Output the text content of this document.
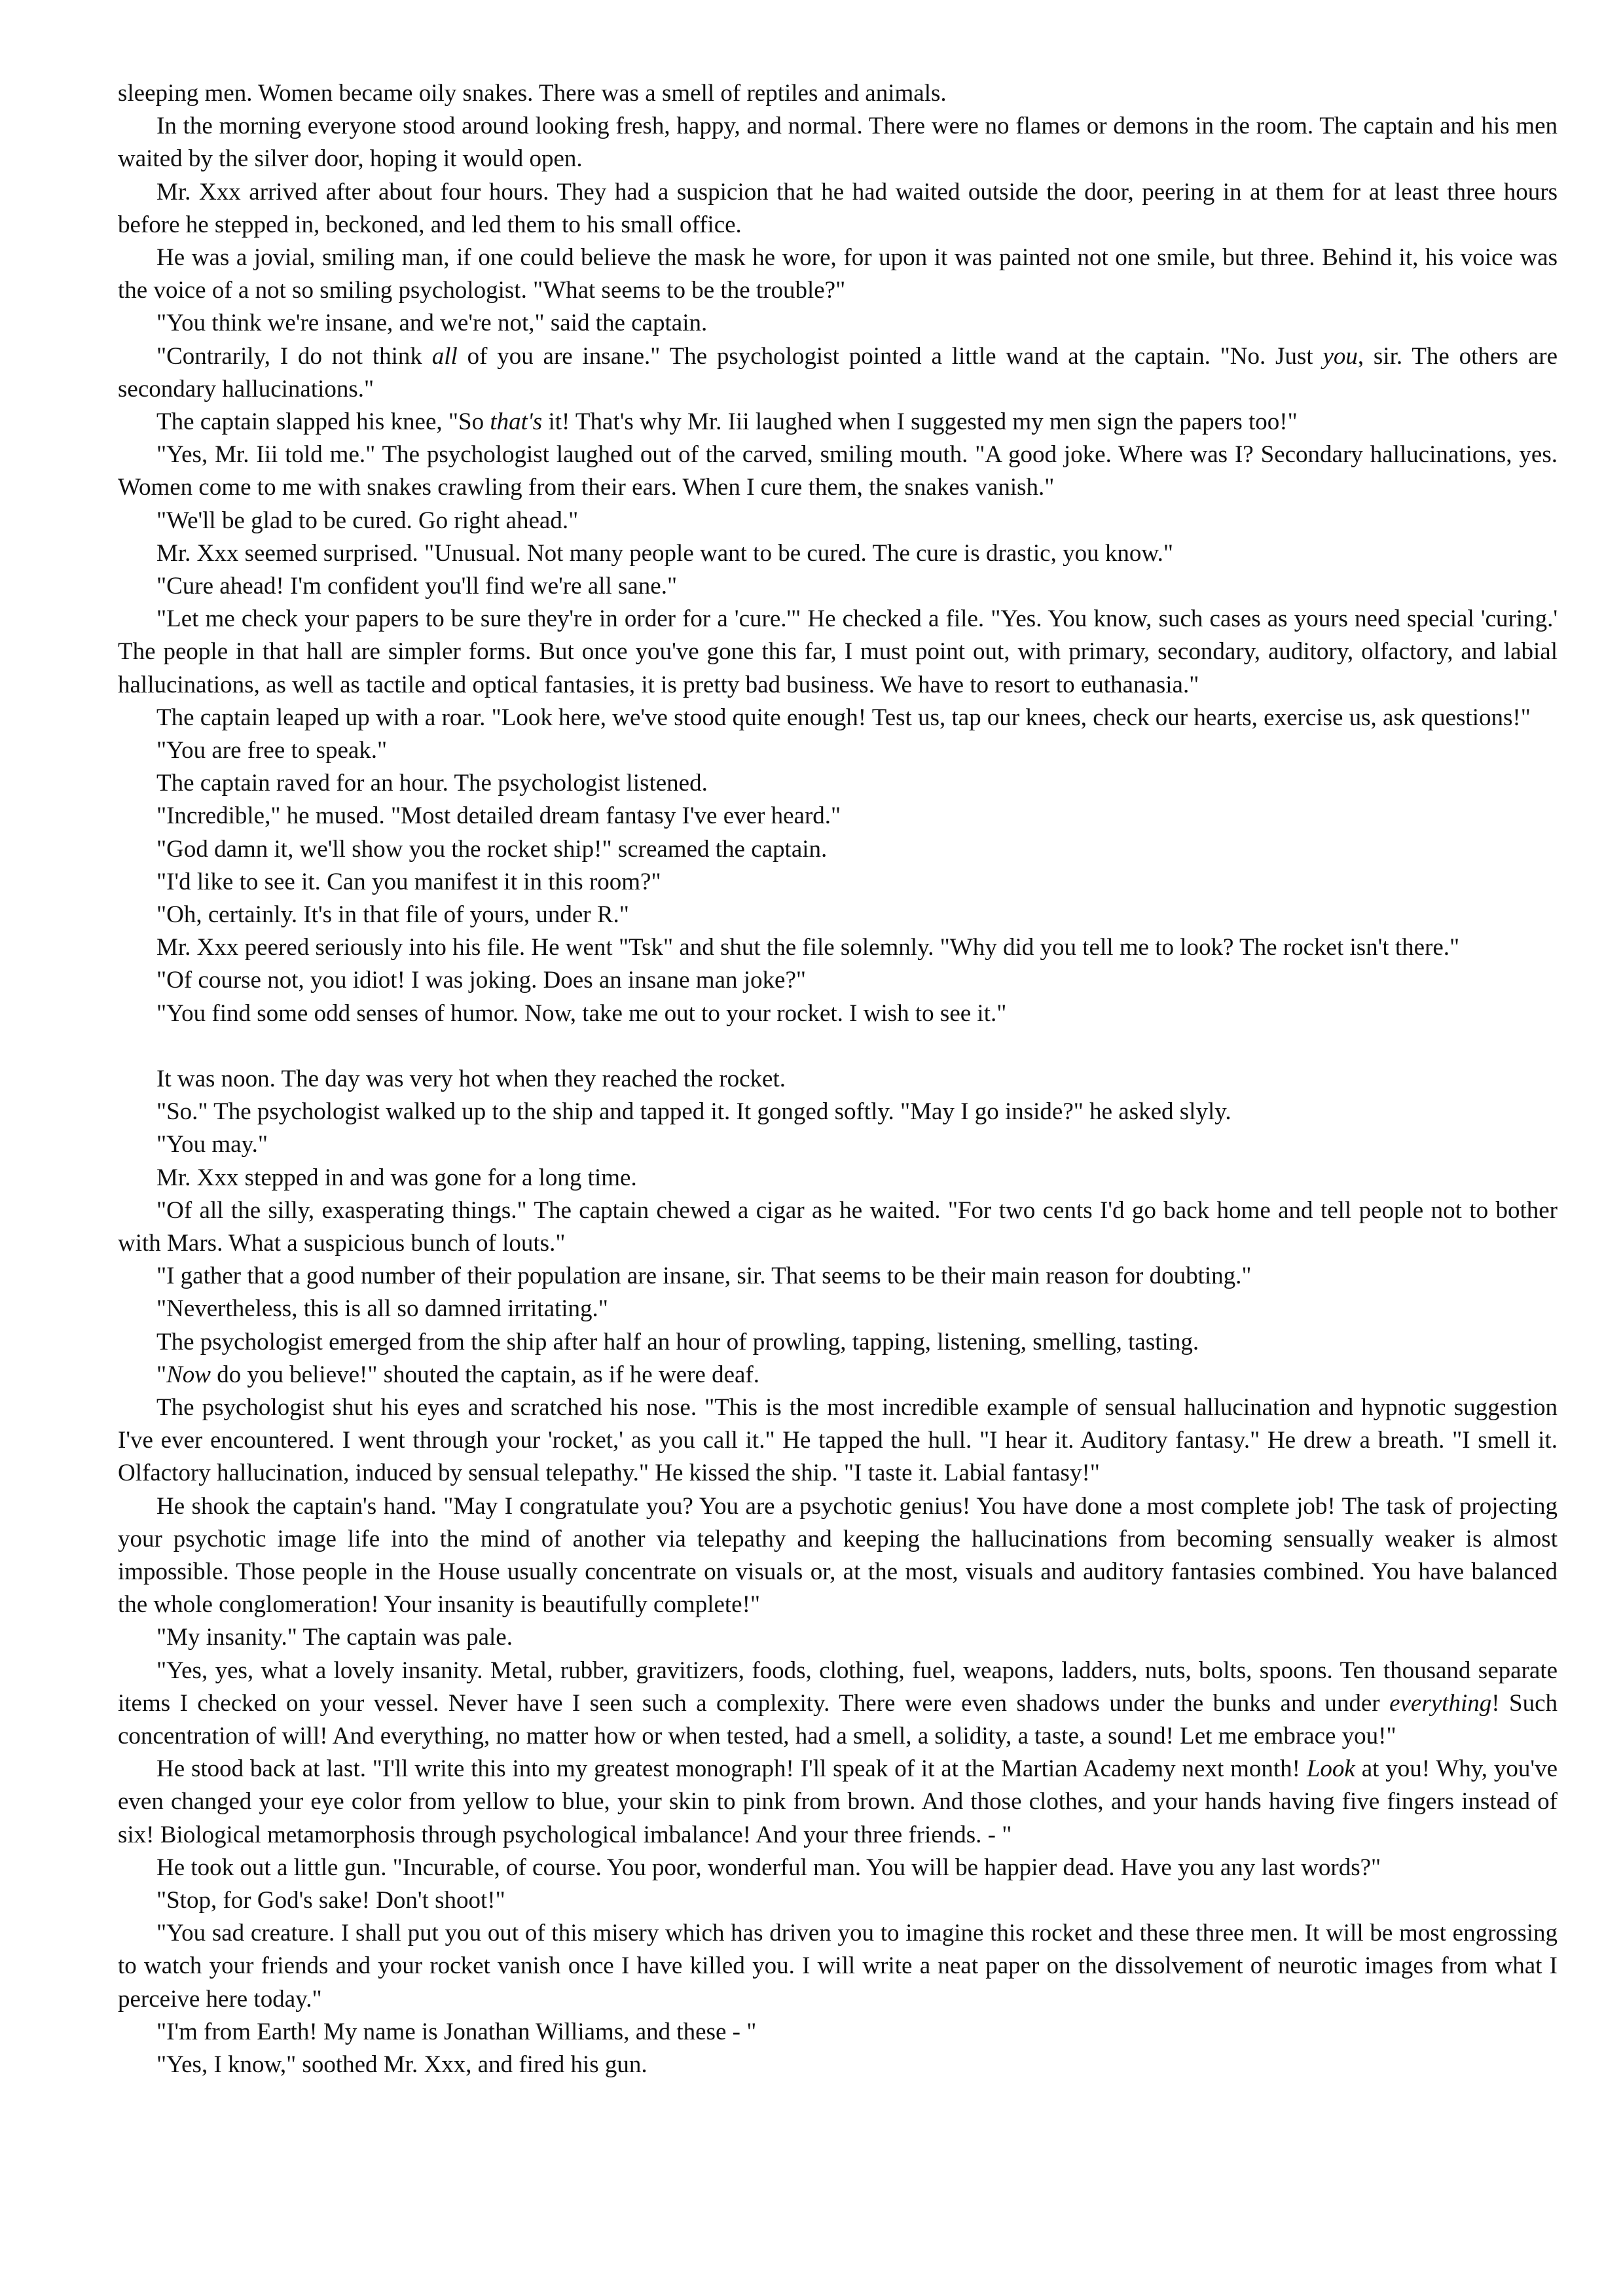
sleeping men. Women became oily snakes. There was a smell of reptiles and animals.

In the morning everyone stood around looking fresh, happy, and normal. There were no flames or demons in the room. The captain and his men waited by the silver door, hoping it would open.

Mr. Xxx arrived after about four hours. They had a suspicion that he had waited outside the door, peering in at them for at least three hours before he stepped in, beckoned, and led them to his small office.

He was a jovial, smiling man, if one could believe the mask he wore, for upon it was painted not one smile, but three. Behind it, his voice was the voice of a not so smiling psychologist. "What seems to be the trouble?"

"You think we're insane, and we're not," said the captain.

"Contrarily, I do not think all of you are insane." The psychologist pointed a little wand at the captain. "No. Just you, sir. The others are secondary hallucinations."

The captain slapped his knee, "So that's it! That's why Mr. Iii laughed when I suggested my men sign the papers too!"

"Yes, Mr. Iii told me." The psychologist laughed out of the carved, smiling mouth. "A good joke. Where was I? Secondary hallucinations, yes. Women come to me with snakes crawling from their ears. When I cure them, the snakes vanish."

"We'll be glad to be cured. Go right ahead."

Mr. Xxx seemed surprised. "Unusual. Not many people want to be cured. The cure is drastic, you know."

"Cure ahead! I'm confident you'll find we're all sane."

"Let me check your papers to be sure they're in order for a 'cure.'" He checked a file. "Yes. You know, such cases as yours need special 'curing.' The people in that hall are simpler forms. But once you've gone this far, I must point out, with primary, secondary, auditory, olfactory, and labial hallucinations, as well as tactile and optical fantasies, it is pretty bad business. We have to resort to euthanasia."

The captain leaped up with a roar. "Look here, we've stood quite enough! Test us, tap our knees, check our hearts, exercise us, ask questions!"

"You are free to speak."

The captain raved for an hour. The psychologist listened.

"Incredible," he mused. "Most detailed dream fantasy I've ever heard."

"God damn it, we'll show you the rocket ship!" screamed the captain.

"I'd like to see it. Can you manifest it in this room?"

"Oh, certainly. It's in that file of yours, under R."

Mr. Xxx peered seriously into his file. He went "Tsk" and shut the file solemnly. "Why did you tell me to look? The rocket isn't there."

"Of course not, you idiot! I was joking. Does an insane man joke?"

"You find some odd senses of humor. Now, take me out to your rocket. I wish to see it."

It was noon. The day was very hot when they reached the rocket.

"So." The psychologist walked up to the ship and tapped it. It gonged softly. "May I go inside?" he asked slyly.

"You may."

Mr. Xxx stepped in and was gone for a long time.

"Of all the silly, exasperating things." The captain chewed a cigar as he waited. "For two cents I'd go back home and tell people not to bother with Mars. What a suspicious bunch of louts."

"I gather that a good number of their population are insane, sir. That seems to be their main reason for doubting."

"Nevertheless, this is all so damned irritating."

The psychologist emerged from the ship after half an hour of prowling, tapping, listening, smelling, tasting.

"Now do you believe!" shouted the captain, as if he were deaf.

The psychologist shut his eyes and scratched his nose. "This is the most incredible example of sensual hallucination and hypnotic suggestion I've ever encountered. I went through your 'rocket,' as you call it." He tapped the hull. "I hear it. Auditory fantasy." He drew a breath. "I smell it. Olfactory hallucination, induced by sensual telepathy." He kissed the ship. "I taste it. Labial fantasy!"

He shook the captain's hand. "May I congratulate you? You are a psychotic genius! You have done a most complete job! The task of projecting your psychotic image life into the mind of another via telepathy and keeping the hallucinations from becoming sensually weaker is almost impossible. Those people in the House usually concentrate on visuals or, at the most, visuals and auditory fantasies combined. You have balanced the whole conglomeration! Your insanity is beautifully complete!"

"My insanity." The captain was pale.

"Yes, yes, what a lovely insanity. Metal, rubber, gravitizers, foods, clothing, fuel, weapons, ladders, nuts, bolts, spoons. Ten thousand separate items I checked on your vessel. Never have I seen such a complexity. There were even shadows under the bunks and under everything! Such concentration of will! And everything, no matter how or when tested, had a smell, a solidity, a taste, a sound! Let me embrace you!"

He stood back at last. "I'll write this into my greatest monograph! I'll speak of it at the Martian Academy next month! Look at you! Why, you've even changed your eye color from yellow to blue, your skin to pink from brown. And those clothes, and your hands having five fingers instead of six! Biological metamorphosis through psychological imbalance! And your three friends. - "

He took out a little gun. "Incurable, of course. You poor, wonderful man. You will be happier dead. Have you any last words?"

"Stop, for God's sake! Don't shoot!"

"You sad creature. I shall put you out of this misery which has driven you to imagine this rocket and these three men. It will be most engrossing to watch your friends and your rocket vanish once I have killed you. I will write a neat paper on the dissolvement of neurotic images from what I perceive here today."

"I'm from Earth! My name is Jonathan Williams, and these - "

"Yes, I know," soothed Mr. Xxx, and fired his gun.
